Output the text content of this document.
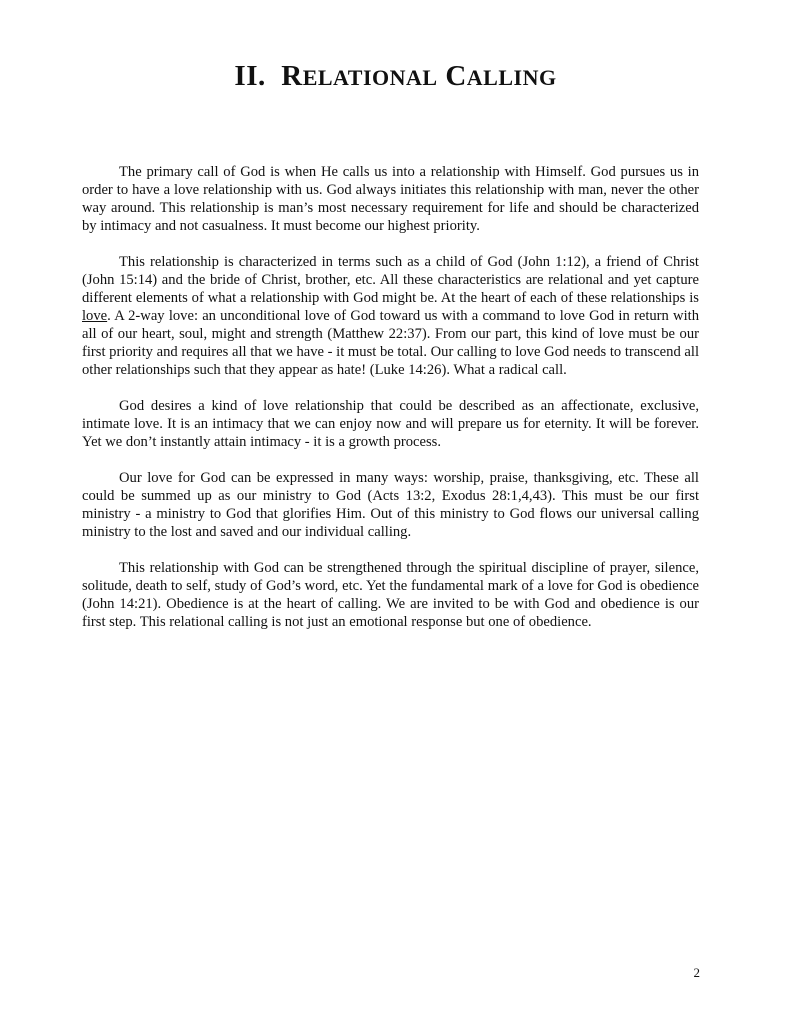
II. RELATIONAL CALLING

The primary call of God is when He calls us into a relationship with Himself. God pursues us in order to have a love relationship with us. God always initiates this relationship with man, never the other way around. This relationship is man’s most necessary requirement for life and should be characterized by intimacy and not casualness. It must become our highest priority.

This relationship is characterized in terms such as a child of God (John 1:12), a friend of Christ (John 15:14) and the bride of Christ, brother, etc. All these characteristics are relational and yet capture different elements of what a relationship with God might be. At the heart of each of these relationships is love. A 2-way love: an unconditional love of God toward us with a command to love God in return with all of our heart, soul, might and strength (Matthew 22:37). From our part, this kind of love must be our first priority and requires all that we have - it must be total. Our calling to love God needs to transcend all other relationships such that they appear as hate! (Luke 14:26). What a radical call.

God desires a kind of love relationship that could be described as an affectionate, exclusive, intimate love. It is an intimacy that we can enjoy now and will prepare us for eternity. It will be forever. Yet we don’t instantly attain intimacy - it is a growth process.

Our love for God can be expressed in many ways: worship, praise, thanksgiving, etc. These all could be summed up as our ministry to God (Acts 13:2, Exodus 28:1,4,43). This must be our first ministry - a ministry to God that glorifies Him. Out of this ministry to God flows our universal calling ministry to the lost and saved and our individual calling.

This relationship with God can be strengthened through the spiritual discipline of prayer, silence, solitude, death to self, study of God’s word, etc. Yet the fundamental mark of a love for God is obedience (John 14:21). Obedience is at the heart of calling. We are invited to be with God and obedience is our first step. This relational calling is not just an emotional response but one of obedience.

2
